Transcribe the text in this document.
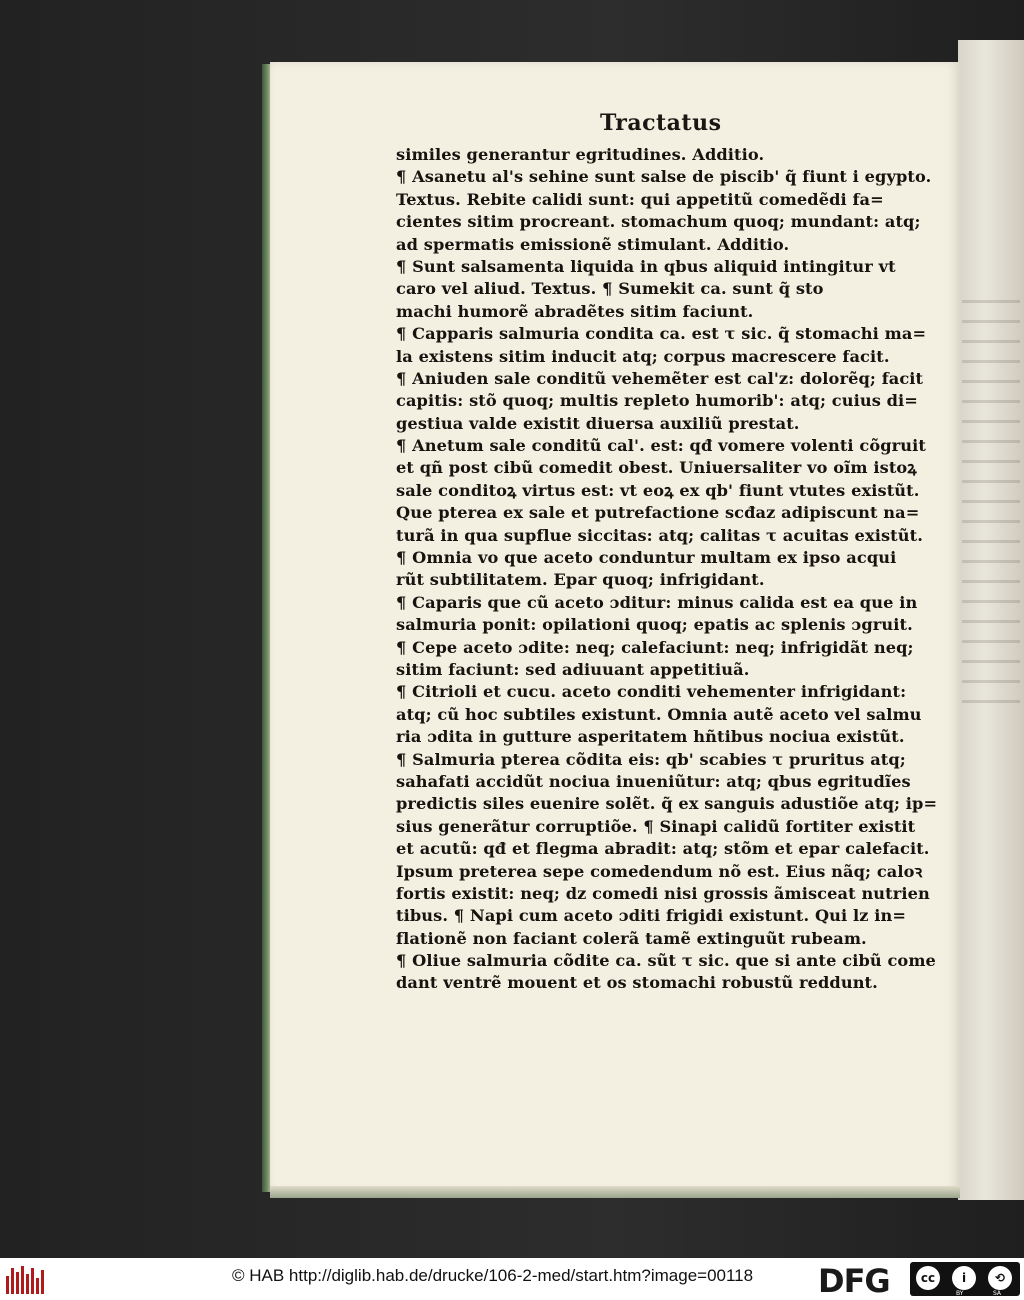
Tractatus
similes generantur egritudines. Additio.
¶ Asanetu al's sehine sunt salse de piscib' q̃ fiunt i egypto.
Textus. Rebite calidi sunt: qui appetitũ comedẽdi fa=
cientes sitim procreant. stomachum quoq; mundant: atq;
ad spermatis emissionẽ stimulant. Additio.
¶ Sunt salsamenta liquida in qbus aliquid intingitur vt
caro vel aliud. Textus. ¶ Sumekit ca. sunt q̃ sto
machi humorẽ abradẽtes sitim faciunt.
¶ Capparis salmuria condita ca. est τ sic. q̃ stomachi ma=
la existens sitim inducit atq; corpus macrescere facit.
¶ Aniuden sale conditũ vehemẽter est cal'z: dolorẽq; facit
capitis: stõ quoq; multis repleto humorib': atq; cuius di=
gestiua valde existit diuersa auxiliũ prestat.
¶ Anetum sale conditũ cal'. est: qđ vomere volenti cõgruit
et qñ post cibũ comedit obest. Uniuersaliter vo oĩm istoꝝ
sale conditoꝝ virtus est: vt eoꝝ ex qb' fiunt vtutes existũt.
Que pterea ex sale et putrefactione scđaz adipiscunt na=
turã in qua supflue siccitas: atq; calitas τ acuitas existũt.
¶ Omnia vo que aceto conduntur multam ex ipso acqui
rũt subtilitatem. Epar quoq; infrigidant.
¶ Caparis que cũ aceto ɔditur: minus calida est ea que in
salmuria ponit: opilationi quoq; epatis ac splenis ɔgruit.
¶ Cepe aceto ɔdite: neq; calefaciunt: neq; infrigidãt neq;
sitim faciunt: sed adiuuant appetitiuã.
¶ Citrioli et cucu. aceto conditi vehementer infrigidant:
atq; cũ hoc subtiles existunt. Omnia autẽ aceto vel salmu
ria ɔdita in gutture asperitatem hñtibus nociua existũt.
¶ Salmuria pterea cõdita eis: qb' scabies τ pruritus atq;
sahafati accidũt nociua inueniũtur: atq; qbus egritudĩes
predictis siles euenire solẽt. q̃ ex sanguis adustiõe atq; ip=
sius generãtur corruptiõe. ¶ Sinapi calidũ fortiter existit
et acutũ: qđ et flegma abradit: atq; stõm et epar calefacit.
Ipsum preterea sepe comedendum nõ est. Eius nãq; caloꝛ
fortis existit: neq; dz comedi nisi grossis ãmisceat nutrien
tibus. ¶ Napi cum aceto ɔditi frigidi existunt. Qui lz in=
flationẽ non faciant colerã tamẽ extinguũt rubeam.
¶ Oliue salmuria cõdite ca. sũt τ sic. que si ante cibũ come
dant ventrẽ mouent et os stomachi robustũ reddunt.
© HAB http://diglib.hab.de/drucke/106-2-med/start.htm?image=00118 DFG	cc	i	⟲
BY	SA
